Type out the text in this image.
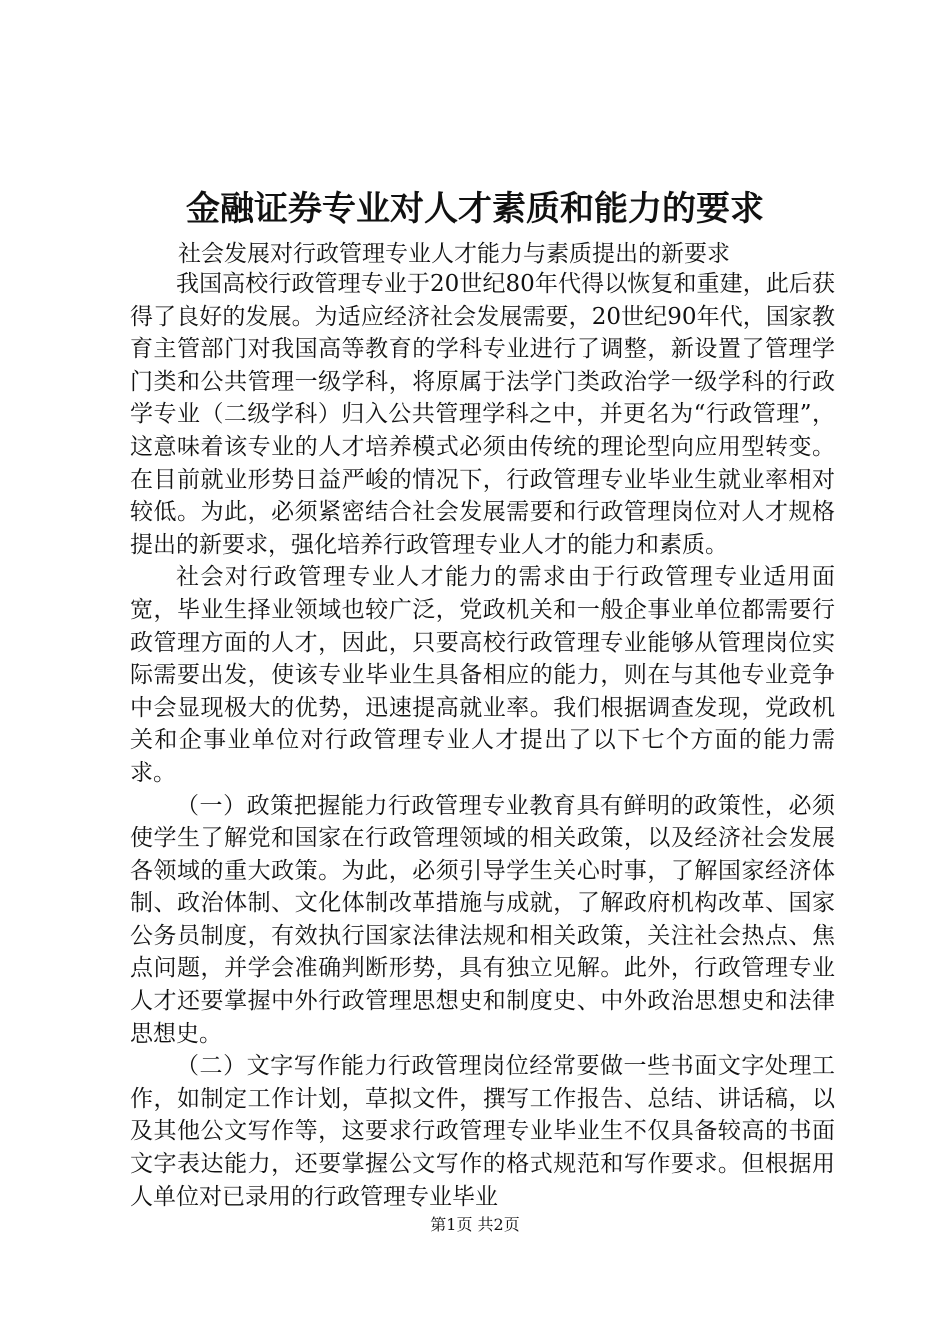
金融证券专业对人才素质和能力的要求
社会发展对行政管理专业人才能力与素质提出的新要求

我国高校行政管理专业于20世纪80年代得以恢复和重建，此后获得了良好的发展。为适应经济社会发展需要，20世纪90年代，国家教育主管部门对我国高等教育的学科专业进行了调整，新设置了管理学门类和公共管理一级学科，将原属于法学门类政治学一级学科的行政学专业（二级学科）归入公共管理学科之中，并更名为“行政管理”，这意味着该专业的人才培养模式必须由传统的理论型向应用型转变。在目前就业形势日益严峻的情况下，行政管理专业毕业生就业率相对较低。为此，必须紧密结合社会发展需要和行政管理岗位对人才规格提出的新要求，强化培养行政管理专业人才的能力和素质。

社会对行政管理专业人才能力的需求由于行政管理专业适用面宽，毕业生择业领域也较广泛，党政机关和一般企事业单位都需要行政管理方面的人才，因此，只要高校行政管理专业能够从管理岗位实际需要出发，使该专业毕业生具备相应的能力，则在与其他专业竞争中会显现极大的优势，迅速提高就业率。我们根据调查发现，党政机关和企事业单位对行政管理专业人才提出了以下七个方面的能力需求。

（一）政策把握能力行政管理专业教育具有鲜明的政策性，必须使学生了解党和国家在行政管理领域的相关政策，以及经济社会发展各领域的重大政策。为此，必须引导学生关心时事，了解国家经济体制、政治体制、文化体制改革措施与成就，了解政府机构改革、国家公务员制度，有效执行国家法律法规和相关政策，关注社会热点、焦点问题，并学会准确判断形势，具有独立见解。此外，行政管理专业人才还要掌握中外行政管理思想史和制度史、中外政治思想史和法律思想史。

（二）文字写作能力行政管理岗位经常要做一些书面文字处理工作，如制定工作计划，草拟文件，撰写工作报告、总结、讲话稿，以及其他公文写作等，这要求行政管理专业毕业生不仅具备较高的书面文字表达能力，还要掌握公文写作的格式规范和写作要求。但根据用人单位对已录用的行政管理专业毕业

第1页 共2页
